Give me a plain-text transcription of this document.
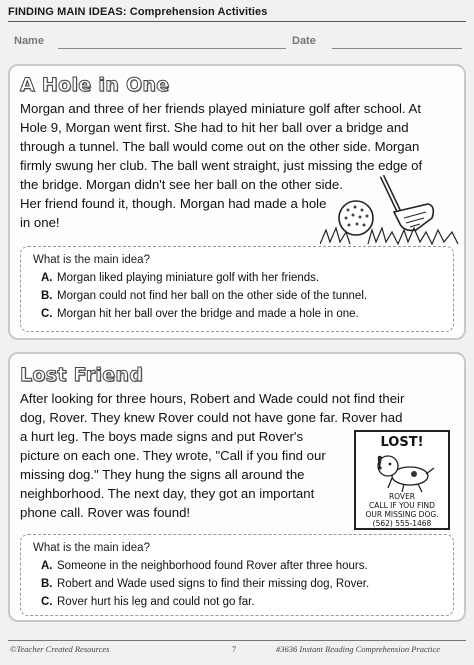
FINDING MAIN IDEAS: Comprehension Activities
Name	Date
A Hole in One
Morgan and three of her friends played miniature golf after school. At
Hole 9, Morgan went first. She had to hit her ball over a bridge and
through a tunnel. The ball would come out on the other side. Morgan
firmly swung her club. The ball went straight, just missing the edge of
the bridge. Morgan didn't see her ball on the other side.
Her friend found it, though. Morgan had made a hole
in one!
What is the main idea?
A. Morgan liked playing miniature golf with her friends.
B. Morgan could not find her ball on the other side of the tunnel.
C. Morgan hit her ball over the bridge and made a hole in one.
Lost Friend
After looking for three hours, Robert and Wade could not find their
dog, Rover. They knew Rover could not have gone far. Rover had
a hurt leg. The boys made signs and put Rover's
picture on each one. They wrote, "Call if you find our
missing dog." They hung the signs all around the
neighborhood. The next day, they got an important
phone call. Rover was found!
LOST!
ROVER
CALL IF YOU FIND
OUR MISSING DOG.
(562) 555-1468
What is the main idea?
A. Someone in the neighborhood found Rover after three hours.
B. Robert and Wade used signs to find their missing dog, Rover.
C. Rover hurt his leg and could not go far.
©Teacher Created Resources	7	#3636 Instant Reading Comprehension Practice
